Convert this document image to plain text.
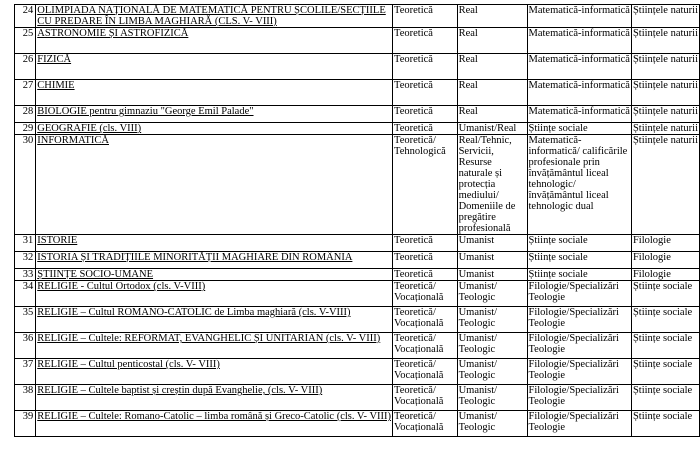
24	OLIMPIADA NAȚIONALĂ DE MATEMATICĂ PENTRU ȘCOLILE/SECȚIILE CU PREDARE ÎN LIMBA MAGHIARĂ (CLS. V- VIII)	Teoretică	Real	Matematică-informatică	Științele naturii
25	ASTRONOMIE ȘI ASTROFIZICĂ	Teoretică	Real	Matematică-informatică	Științele naturii
26	FIZICĂ	Teoretică	Real	Matematică-informatică	Științele naturii
27	CHIMIE	Teoretică	Real	Matematică-informatică	Științele naturii
28	BIOLOGIE pentru gimnaziu "George Emil Palade"	Teoretică	Real	Matematică-informatică	Științele naturii
29	GEOGRAFIE (cls. VIII)	Teoretică	Umanist/Real	Științe sociale	Științele naturii
30	INFORMATICĂ	Teoretică/ Tehnologică	Real/Tehnic, Servicii, Resurse naturale și protecția mediului/ Domeniile de pregătire profesională	Matematică-informatică/ calificările profesionale prin învățământul liceal tehnologic/ învățământul liceal tehnologic dual	Științele naturii
31	ISTORIE	Teoretică	Umanist	Științe sociale	Filologie
32	ISTORIA ȘI TRADIȚIILE MINORITĂȚII MAGHIARE DIN ROMÂNIA	Teoretică	Umanist	Științe sociale	Filologie
33	ȘTIINȚE SOCIO-UMANE	Teoretică	Umanist	Științe sociale	Filologie
34	RELIGIE - Cultul Ortodox (cls. V-VIII)	Teoretică/ Vocațională	Umanist/ Teologic	Filologie/Specializări Teologie	Științe sociale
35	RELIGIE – Cultul ROMANO-CATOLIC de Limba maghiară (cls. V-VIII)	Teoretică/ Vocațională	Umanist/ Teologic	Filologie/Specializări Teologie	Științe sociale
36	RELIGIE – Cultele: REFORMAT, EVANGHELIC ȘI UNITARIAN (cls. V- VIII)	Teoretică/ Vocațională	Umanist/ Teologic	Filologie/Specializări Teologie	Științe sociale
37	RELIGIE – Cultul penticostal (cls. V- VIII)	Teoretică/ Vocațională	Umanist/ Teologic	Filologie/Specializări Teologie	Științe sociale
38	RELIGIE – Cultele baptist și creștin după Evanghelie, (cls. V- VIII)	Teoretică/ Vocațională	Umanist/ Teologic	Filologie/Specializări Teologie	Științe sociale
39	RELIGIE – Cultele: Romano-Catolic – limba română și Greco-Catolic (cls. V- VIII)	Teoretică/ Vocațională	Umanist/ Teologic	Filologie/Specializări Teologie	Științe sociale
